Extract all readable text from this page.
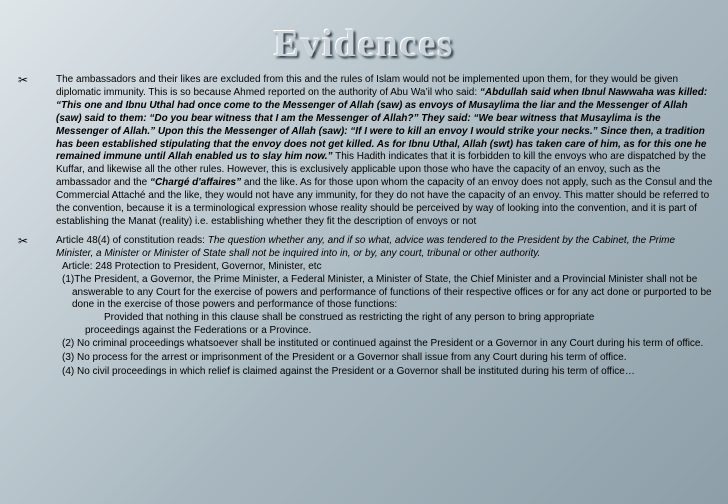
Evidences
✂	The ambassadors and their likes are excluded from this and the rules of Islam would not be implemented upon them, for they would be given diplomatic immunity. This is so because Ahmed reported on the authority of Abu Wa’il who said: “Abdullah said when Ibnul Nawwaha was killed: “This one and Ibnu Uthal had once come to the Messenger of Allah (saw) as envoys of Musaylima the liar and the Messenger of Allah (saw) said to them: “Do you bear witness that I am the Messenger of Allah?” They said: “We bear witness that Musaylima is the Messenger of Allah.” Upon this the Messenger of Allah (saw): “If I were to kill an envoy I would strike your necks.” Since then, a tradition has been established stipulating that the envoy does not get killed. As for Ibnu Uthal, Allah (swt) has taken care of him, as for this one he remained immune until Allah enabled us to slay him now.” This Hadith indicates that it is forbidden to kill the envoys who are dispatched by the Kuffar, and likewise all the other rules. However, this is exclusively applicable upon those who have the capacity of an envoy, such as the ambassador and the “Chargé d'affaires” and the like. As for those upon whom the capacity of an envoy does not apply, such as the Consul and the Commercial Attaché and the like, they would not have any immunity, for they do not have the capacity of an envoy. This matter should be referred to the convention, because it is a terminological expression whose reality should be perceived by way of looking into the convention, and it is part of establishing the Manat (reality) i.e. establishing whether they fit the description of envoys or not
✂	Article 48(4) of constitution reads: The question whether any, and if so what, advice was tendered to the President by the Cabinet, the Prime Minister, a Minister or Minister of State shall not be inquired into in, or by, any court, tribunal or other authority.
Article: 248 Protection to President, Governor, Minister, etc
(1)The President, a Governor, the Prime Minister, a Federal Minister, a Minister of State, the Chief Minister and a Provincial Minister shall not be answerable to any Court for the exercise of powers and performance of functions of their respective offices or for any act done or purported to be done in the exercise of those powers and performance of those functions:
Provided that nothing in this clause shall be construed as restricting the right of any person to bring appropriate
proceedings against the Federations or a Province.
(2) No criminal proceedings whatsoever shall be instituted or continued against the President or a Governor in any Court during his term of office.
(3) No process for the arrest or imprisonment of the President or a Governor shall issue from any Court during his term of office.
(4) No civil proceedings in which relief is claimed against the President or a Governor shall be instituted during his term of office…
